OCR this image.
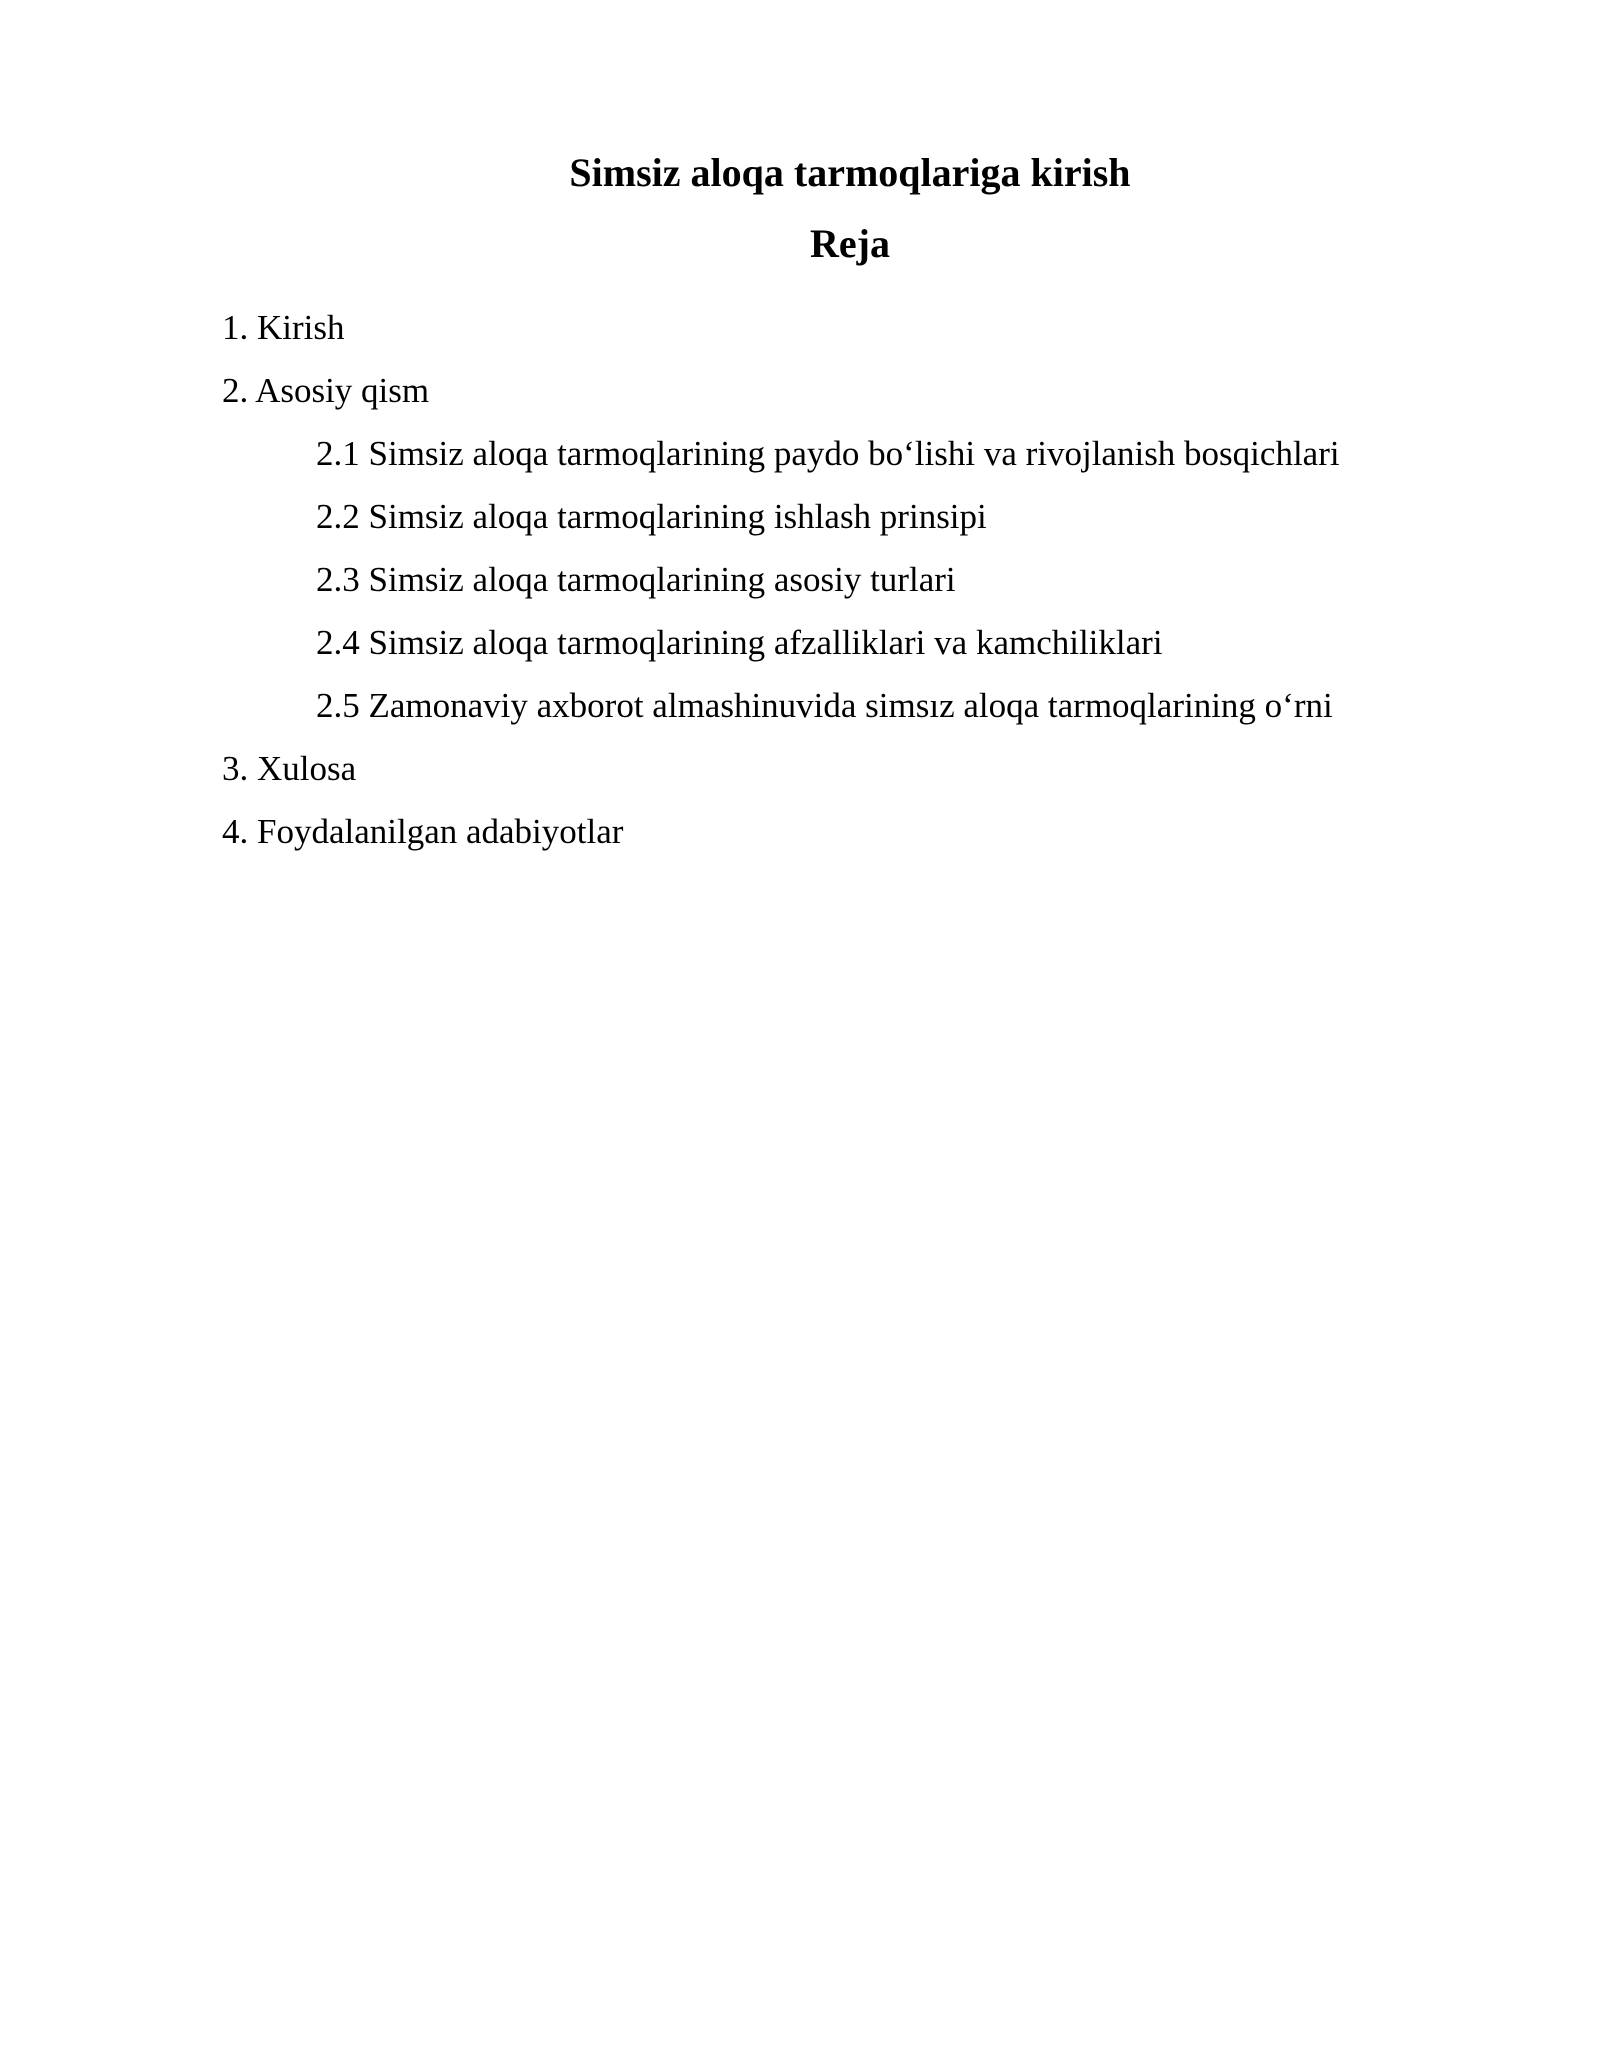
Simsiz aloqa tarmoqlariga kirish
Reja
1. Kirish
2. Asosiy qism
2.1 Simsiz aloqa tarmoqlarining paydo bo‘lishi va rivojlanish bosqichlari
2.2 Simsiz aloqa tarmoqlarining ishlash prinsipi
2.3 Simsiz aloqa tarmoqlarining asosiy turlari
2.4 Simsiz aloqa tarmoqlarining afzalliklari va kamchiliklari
2.5 Zamonaviy axborot almashinuvida simsız aloqa tarmoqlarining o‘rni
3. Xulosa
4. Foydalanilgan adabiyotlar
